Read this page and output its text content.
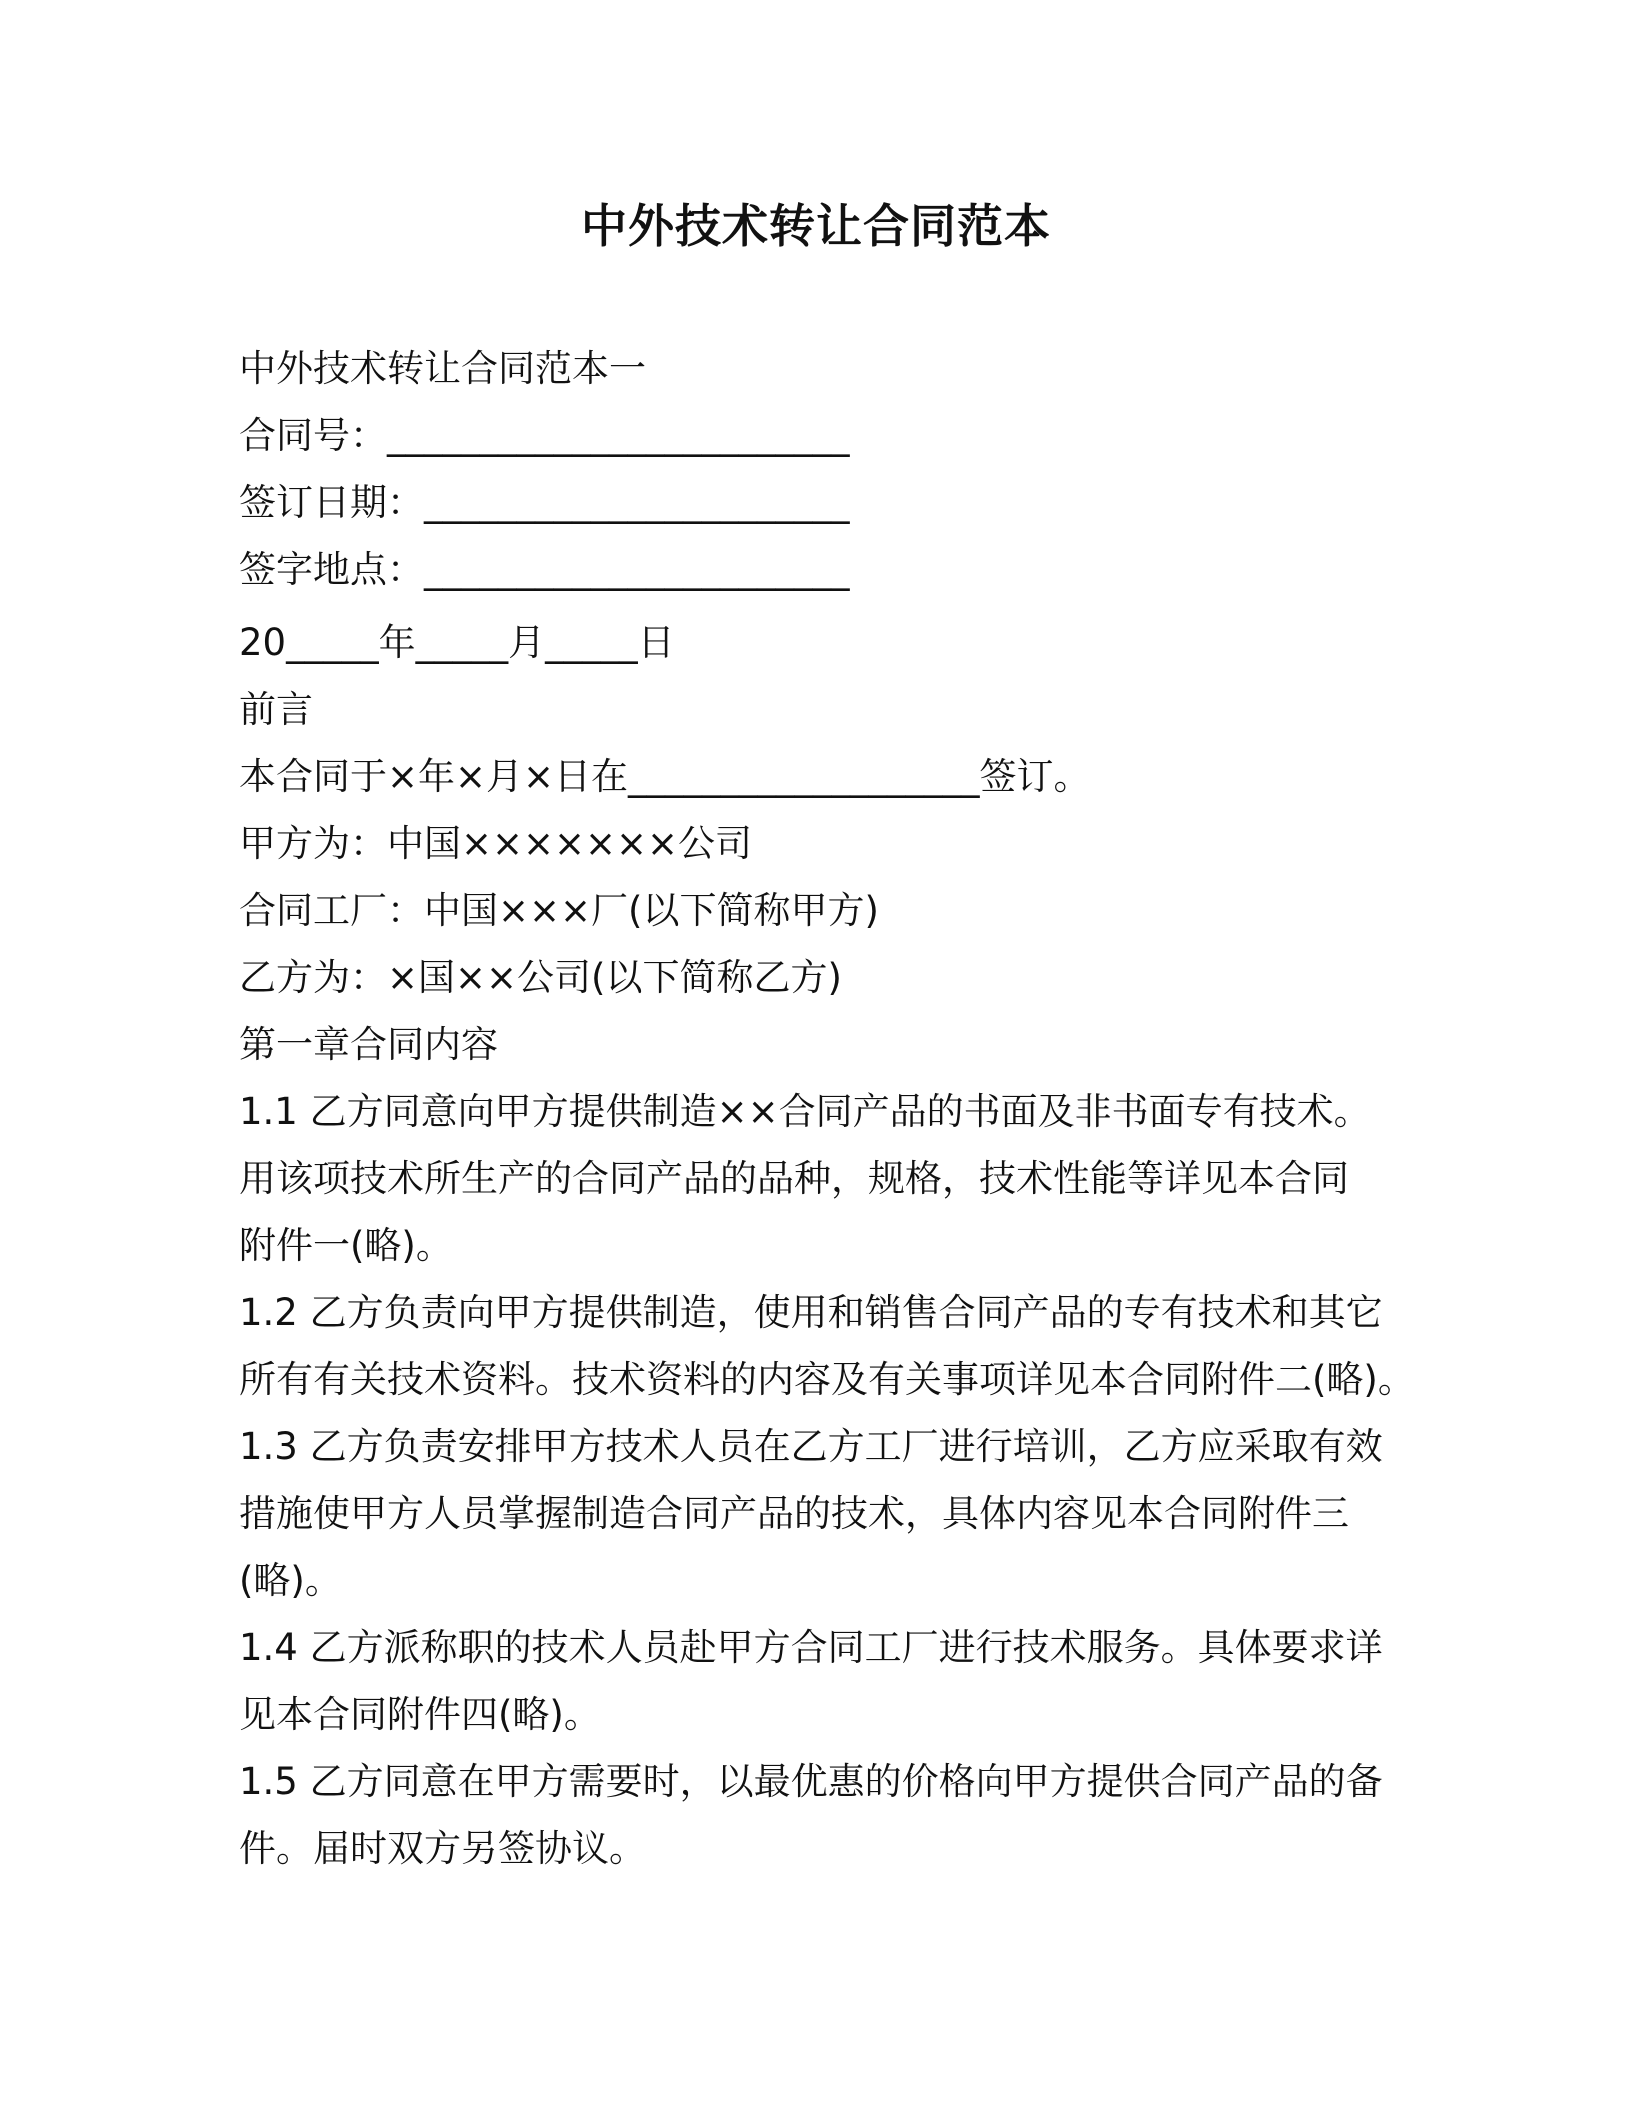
中外技术转让合同范本
中外技术转让合同范本一
合同号：_________________________
签订日期：_______________________
签字地点：_______________________
20_____年_____月_____日
前言
本合同于×年×月×日在___________________签订。
甲方为：中国×××××××公司
合同工厂：中国×××厂(以下简称甲方)
乙方为：×国××公司(以下简称乙方)
第一章合同内容
1.1 乙方同意向甲方提供制造××合同产品的书面及非书面专有技术。
用该项技术所生产的合同产品的品种，规格，技术性能等详见本合同
附件一(略)。
1.2 乙方负责向甲方提供制造，使用和销售合同产品的专有技术和其它
所有有关技术资料。技术资料的内容及有关事项详见本合同附件二(略)。
1.3 乙方负责安排甲方技术人员在乙方工厂进行培训，乙方应采取有效
措施使甲方人员掌握制造合同产品的技术，具体内容见本合同附件三
(略)。
1.4 乙方派称职的技术人员赴甲方合同工厂进行技术服务。具体要求详
见本合同附件四(略)。
1.5 乙方同意在甲方需要时，以最优惠的价格向甲方提供合同产品的备
件。届时双方另签协议。
